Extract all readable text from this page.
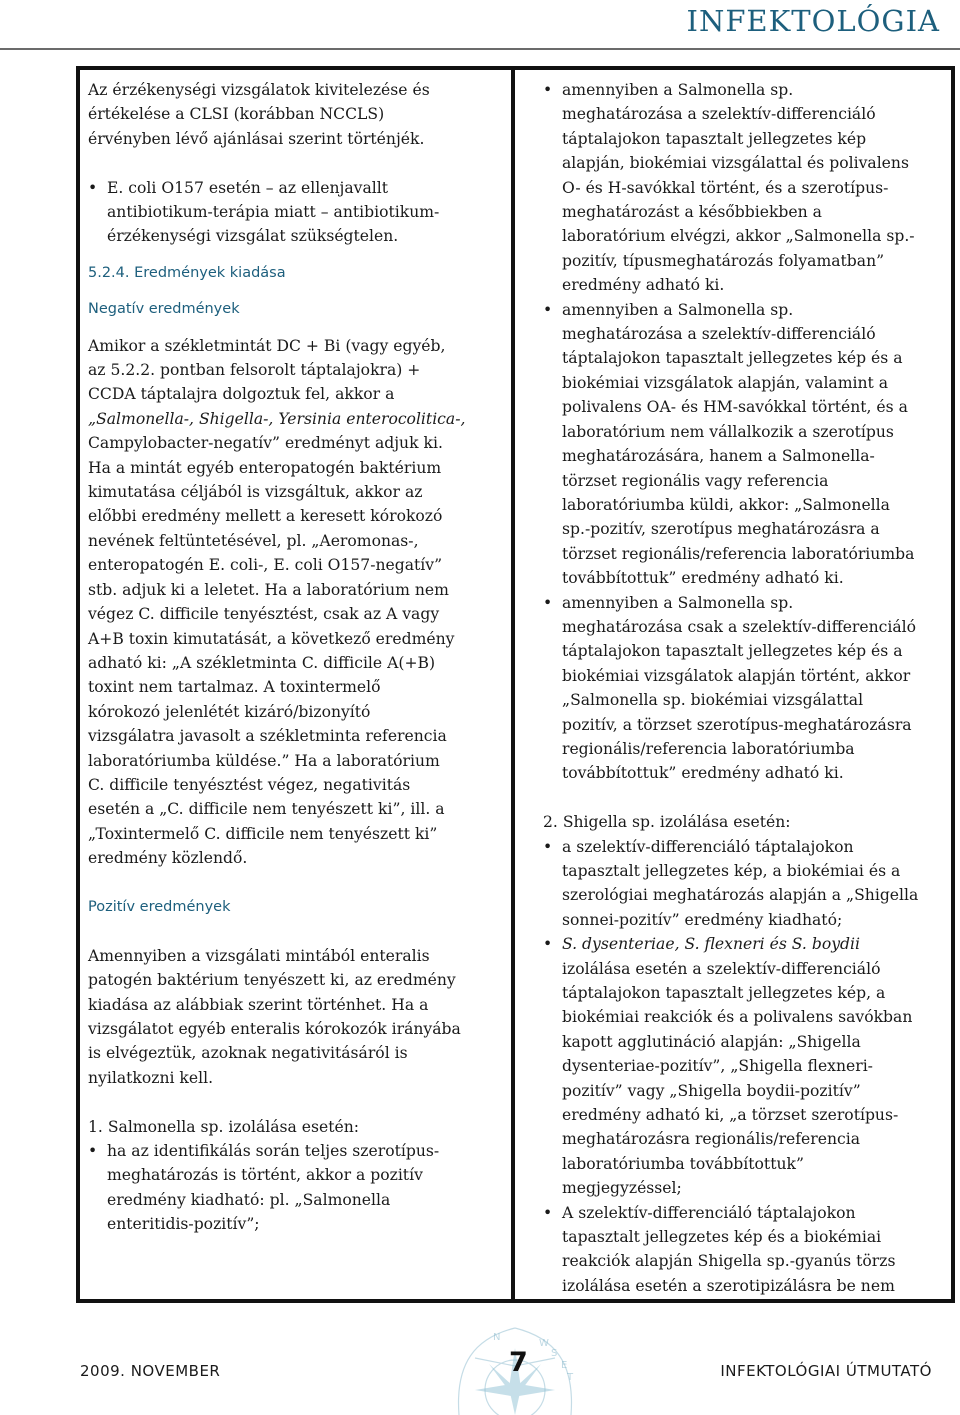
INFEKTOLÓGIA

Az érzékenységi vizsgálatok kivitelezése és
értékelése a CLSI (korábban NCCLS)
érvényben lévő ajánlásai szerint történjék.

• E. coli O157 esetén – az ellenjavallt
antibiotikum-terápia miatt – antibiotikum-
érzékenységi vizsgálat szükségtelen.

5.2.4. Eredmények kiadása

Negatív eredmények

Amikor a székletmintát DC + Bi (vagy egyéb,
az 5.2.2. pontban felsorolt táptalajokra) +
CCDA táptalajra dolgoztuk fel, akkor a
„Salmonella-, Shigella-, Yersinia enterocolitica-,
Campylobacter-negatív” eredményt adjuk ki.
Ha a mintát egyéb enteropatogén baktérium
kimutatása céljából is vizsgáltuk, akkor az
előbbi eredmény mellett a keresett kórokozó
nevének feltüntetésével, pl. „Aeromonas-,
enteropatogén E. coli-, E. coli O157-negatív”
stb. adjuk ki a leletet. Ha a laboratórium nem
végez C. difficile tenyésztést, csak az A vagy
A+B toxin kimutatását, a következő eredmény
adható ki: „A székletminta C. difficile A(+B)
toxint nem tartalmaz. A toxintermelő
kórokozó jelenlétét kizáró/bizonyító
vizsgálatra javasolt a székletminta referencia
laboratóriumba küldése.” Ha a laboratórium
C. difficile tenyésztést végez, negativitás
esetén a „C. difficile nem tenyészett ki”, ill. a
„Toxintermelő C. difficile nem tenyészett ki”
eredmény közlendő.

Pozitív eredmények

Amennyiben a vizsgálati mintából enteralis
patogén baktérium tenyészett ki, az eredmény
kiadása az alábbiak szerint történhet. Ha a
vizsgálatot egyéb enteralis kórokozók irányába
is elvégeztük, azoknak negativitásáról is
nyilatkozni kell.

1. Salmonella sp. izolálása esetén:

• ha az identifikálás során teljes szerotípus-
meghatározás is történt, akkor a pozitív
eredmény kiadható: pl. „Salmonella
enteritidis-pozitív”;
• amennyiben a Salmonella sp.
meghatározása a szelektív-differenciáló
táptalajokon tapasztalt jellegzetes kép
alapján, biokémiai vizsgálattal és polivalens
O- és H-savókkal történt, és a szerotípus-
meghatározást a későbbiekben a
laboratórium elvégzi, akkor „Salmonella sp.-
pozitív, típusmeghatározás folyamatban”
eredmény adható ki.
• amennyiben a Salmonella sp.
meghatározása a szelektív-differenciáló
táptalajokon tapasztalt jellegzetes kép és a
biokémiai vizsgálatok alapján, valamint a
polivalens OA- és HM-savókkal történt, és a
laboratórium nem vállalkozik a szerotípus
meghatározására, hanem a Salmonella-
törzset regionális vagy referencia
laboratóriumba küldi, akkor: „Salmonella
sp.-pozitív, szerotípus meghatározásra a
törzset regionális/referencia laboratóriumba
továbbítottuk” eredmény adható ki.
• amennyiben a Salmonella sp.
meghatározása csak a szelektív-differenciáló
táptalajokon tapasztalt jellegzetes kép és a
biokémiai vizsgálatok alapján történt, akkor
„Salmonella sp. biokémiai vizsgálattal
pozitív, a törzset szerotípus-meghatározásra
regionális/referencia laboratóriumba
továbbítottuk” eredmény adható ki.

2. Shigella sp. izolálása esetén:

• a szelektív-differenciáló táptalajokon
tapasztalt jellegzetes kép, a biokémiai és a
szerológiai meghatározás alapján a „Shigella
sonnei-pozitív” eredmény kiadható;
• S. dysenteriae, S. flexneri és S. boydii
izolálása esetén a szelektív-differenciáló
táptalajokon tapasztalt jellegzetes kép, a
biokémiai reakciók és a polivalens savókban
kapott agglutináció alapján: „Shigella
dysenteriae-pozitív”, „Shigella flexneri-
pozitív” vagy „Shigella boydii-pozitív”
eredmény adható ki, „a törzset szerotípus-
meghatározásra regionális/referencia
laboratóriumba továbbítottuk”
megjegyzéssel;
• A szelektív-differenciáló táptalajokon
tapasztalt jellegzetes kép és a biokémiai
reakciók alapján Shigella sp.-gyanús törzs
izolálása esetén a szerotipizálásra be nem
N
W
S
E
T
2009. NOVEMBER	7	INFEKTOLÓGIAI ÚTMUTATÓ
